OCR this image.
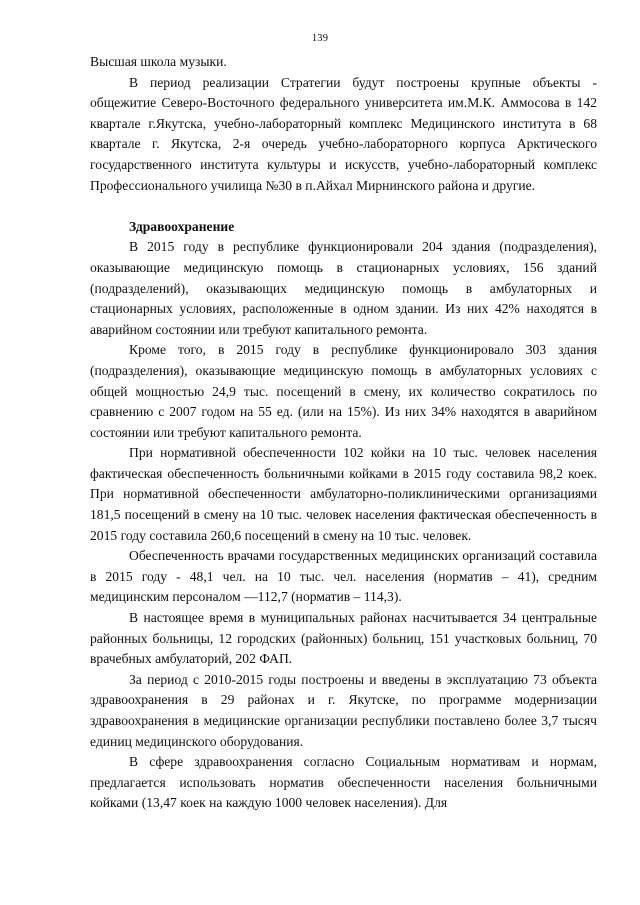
139

Высшая школа музыки.

В период реализации Стратегии будут построены крупные объекты - общежитие Северо-Восточного федерального университета им.М.К. Аммосова в 142 квартале г.Якутска, учебно-лабораторный комплекс Медицинского института в 68 квартале г. Якутска, 2-я очередь учебно-лабораторного корпуса Арктического государственного института культуры и искусств, учебно-лабораторный комплекс Профессионального училища №30 в п.Айхал Мирнинского района и другие.

Здравоохранение

В 2015 году в республике функционировали 204 здания (подразделения), оказывающие медицинскую помощь в стационарных условиях, 156 зданий (подразделений), оказывающих медицинскую помощь в амбулаторных и стационарных условиях, расположенные в одном здании. Из них 42% находятся в аварийном состоянии или требуют капитального ремонта.

Кроме того, в 2015 году в республике функционировало 303 здания (подразделения), оказывающие медицинскую помощь в амбулаторных условиях с общей мощностью 24,9 тыс. посещений в смену, их количество сократилось по сравнению с 2007 годом на 55 ед. (или на 15%). Из них 34% находятся в аварийном состоянии или требуют капитального ремонта.

При нормативной обеспеченности 102 койки на 10 тыс. человек населения фактическая обеспеченность больничными койками в 2015 году составила 98,2 коек. При нормативной обеспеченности амбулаторно-поликлиническими организациями 181,5 посещений в смену на 10 тыс. человек населения фактическая обеспеченность в 2015 году составила 260,6 посещений в смену на 10 тыс. человек.

Обеспеченность врачами государственных медицинских организаций составила в 2015 году - 48,1 чел. на 10 тыс. чел. населения (норматив – 41), средним медицинским персоналом —112,7 (норматив – 114,3).

В настоящее время в муниципальных районах насчитывается 34 центральные районных больницы, 12 городских (районных) больниц, 151 участковых больниц, 70 врачебных амбулаторий, 202 ФАП.

За период с 2010-2015 годы построены и введены в эксплуатацию 73 объекта здравоохранения в 29 районах и г. Якутске, по программе модернизации здравоохранения в медицинские организации республики поставлено более 3,7 тысяч единиц медицинского оборудования.

В сфере здравоохранения согласно Социальным нормативам и нормам, предлагается использовать норматив обеспеченности населения больничными койками (13,47 коек на каждую 1000 человек населения). Для
